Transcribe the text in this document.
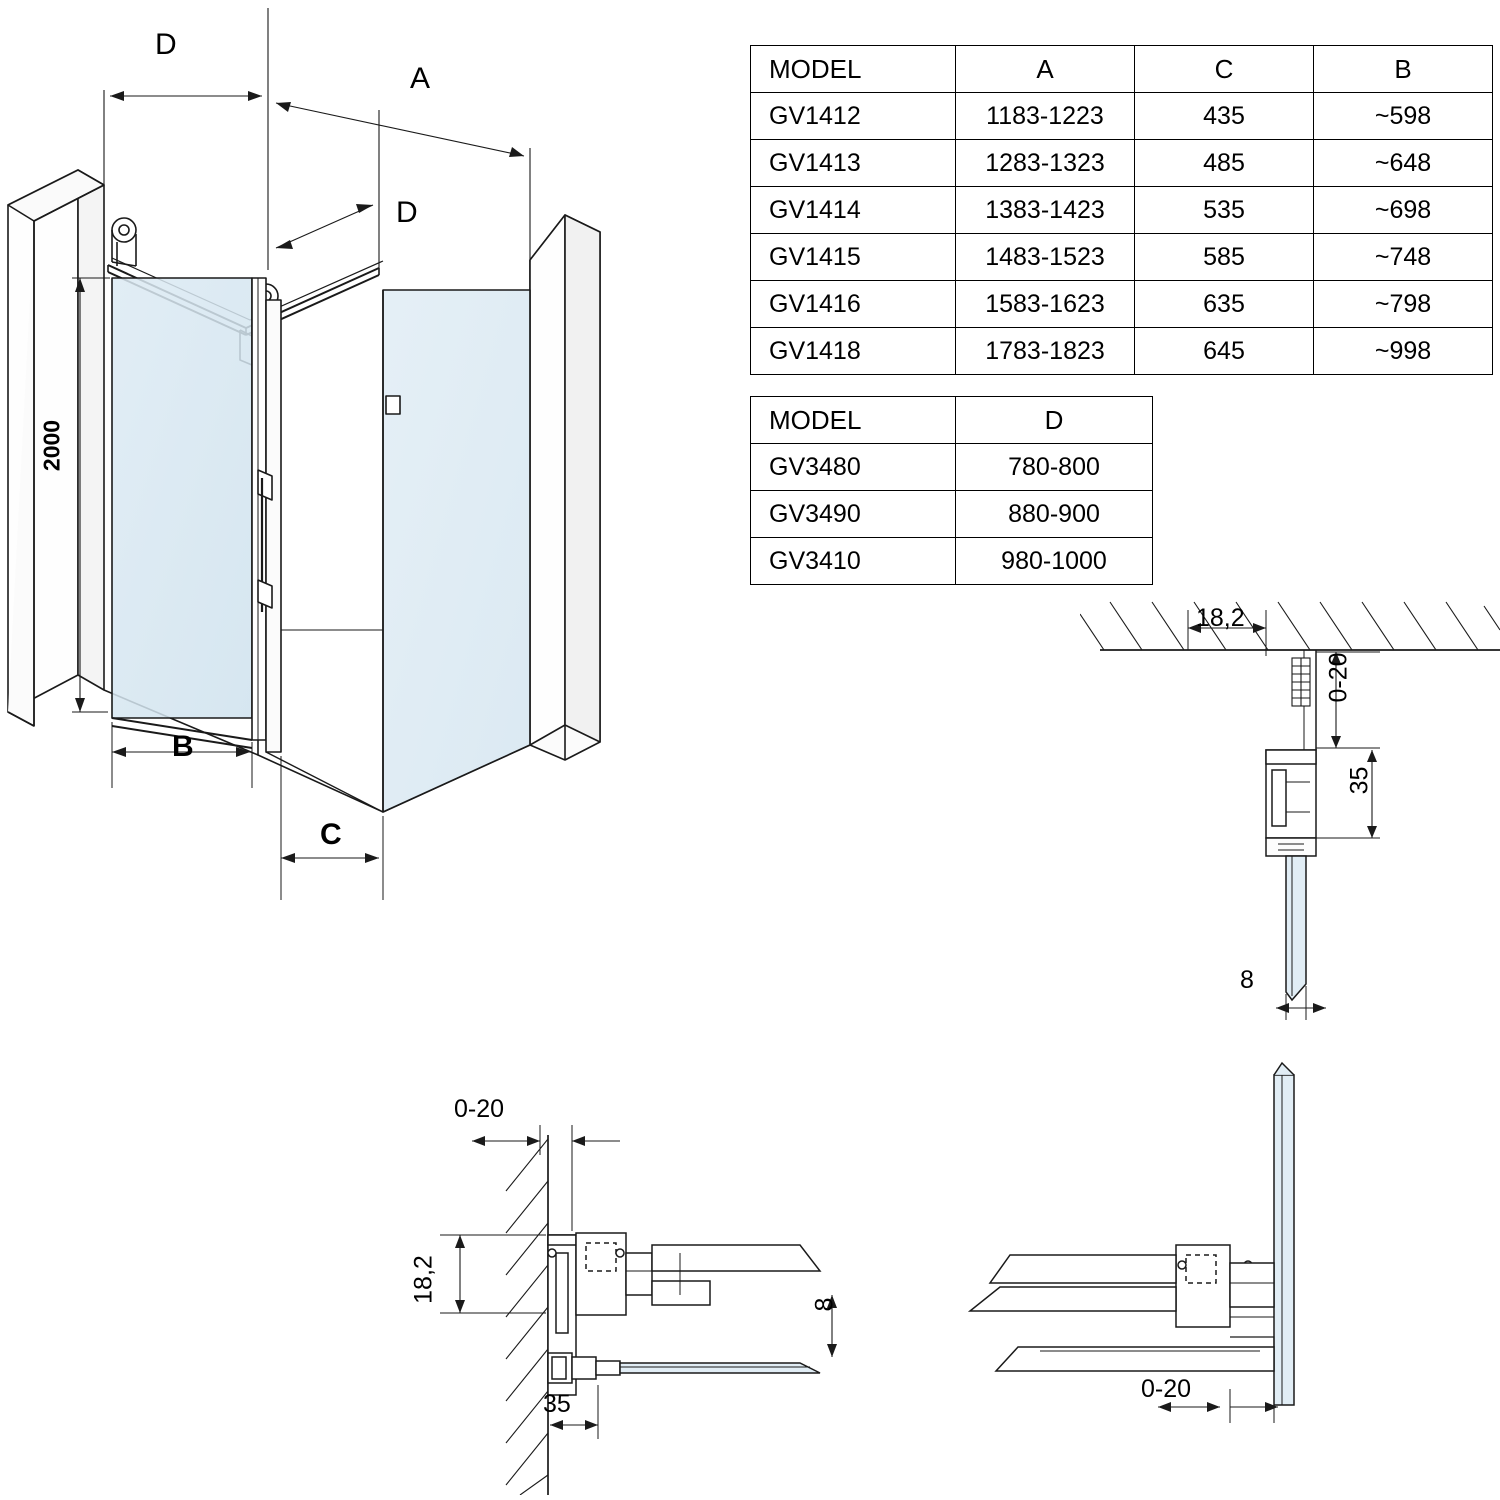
D
A
D
2000
B
C
MODEL	A	C	B
GV1412	1183-1223	435	~598
GV1413	1283-1323	485	~648
GV1414	1383-1423	535	~698
GV1415	1483-1523	585	~748
GV1416	1583-1623	635	~798
GV1418	1783-1823	645	~998
MODEL	D
GV3480	780-800
GV3490	880-900
GV3410	980-1000
18,2
0-20
35
8
0-20
18,2
35
8
0-20
